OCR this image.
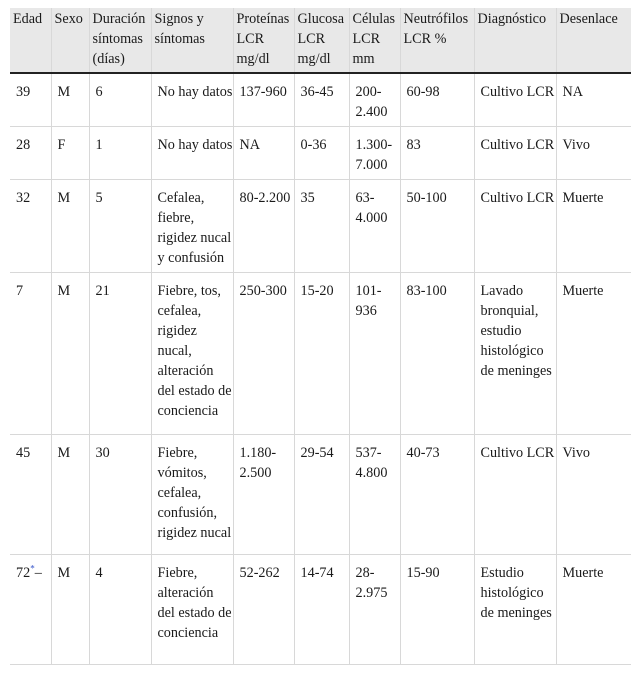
Edad	Sexo	Duración síntomas (días)	Signos y síntomas	Proteínas LCR mg/dl	Glucosa LCR mg/dl	Células LCR mm	Neutrófilos LCR %	Diagnóstico	Desenlace
39	M	6	No hay datos	137-960	36-45	200-2.400	60-98	Cultivo LCR	NA
28	F	1	No hay datos	NA	0-36	1.300-7.000	83	Cultivo LCR	Vivo
32	M	5	Cefalea, fiebre, rigidez nucal y confusión	80-2.200	35	63-4.000	50-100	Cultivo LCR	Muerte
7	M	21	Fiebre, tos, cefalea, rigidez nucal, alteración del estado de conciencia	250-300	15-20	101-936	83-100	Lavado bronquial, estudio histológico de meninges	Muerte
45	M	30	Fiebre, vómitos, cefalea, confusión, rigidez nucal	1.180-2.500	29-54	537-4.800	40-73	Cultivo LCR	Vivo
72*–	M	4	Fiebre, alteración del estado de conciencia	52-262	14-74	28-2.975	15-90	Estudio histológico de meninges	Muerte
